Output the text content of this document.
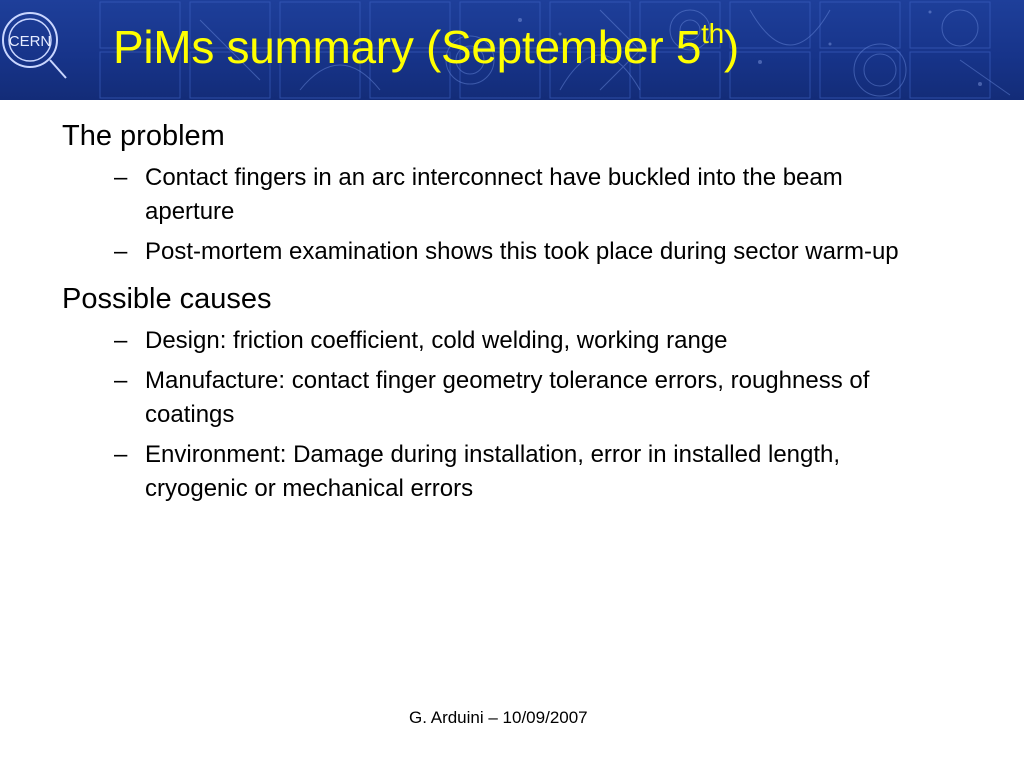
CERN PiMs summary (September 5th)
The problem
– Contact fingers in an arc interconnect have buckled into the beam aperture
– Post-mortem examination shows this took place during sector warm-up
Possible causes
– Design: friction coefficient, cold welding, working range
– Manufacture: contact finger geometry tolerance errors, roughness of coatings
– Environment: Damage during installation, error in installed length, cryogenic or mechanical errors
G. Arduini – 10/09/2007
